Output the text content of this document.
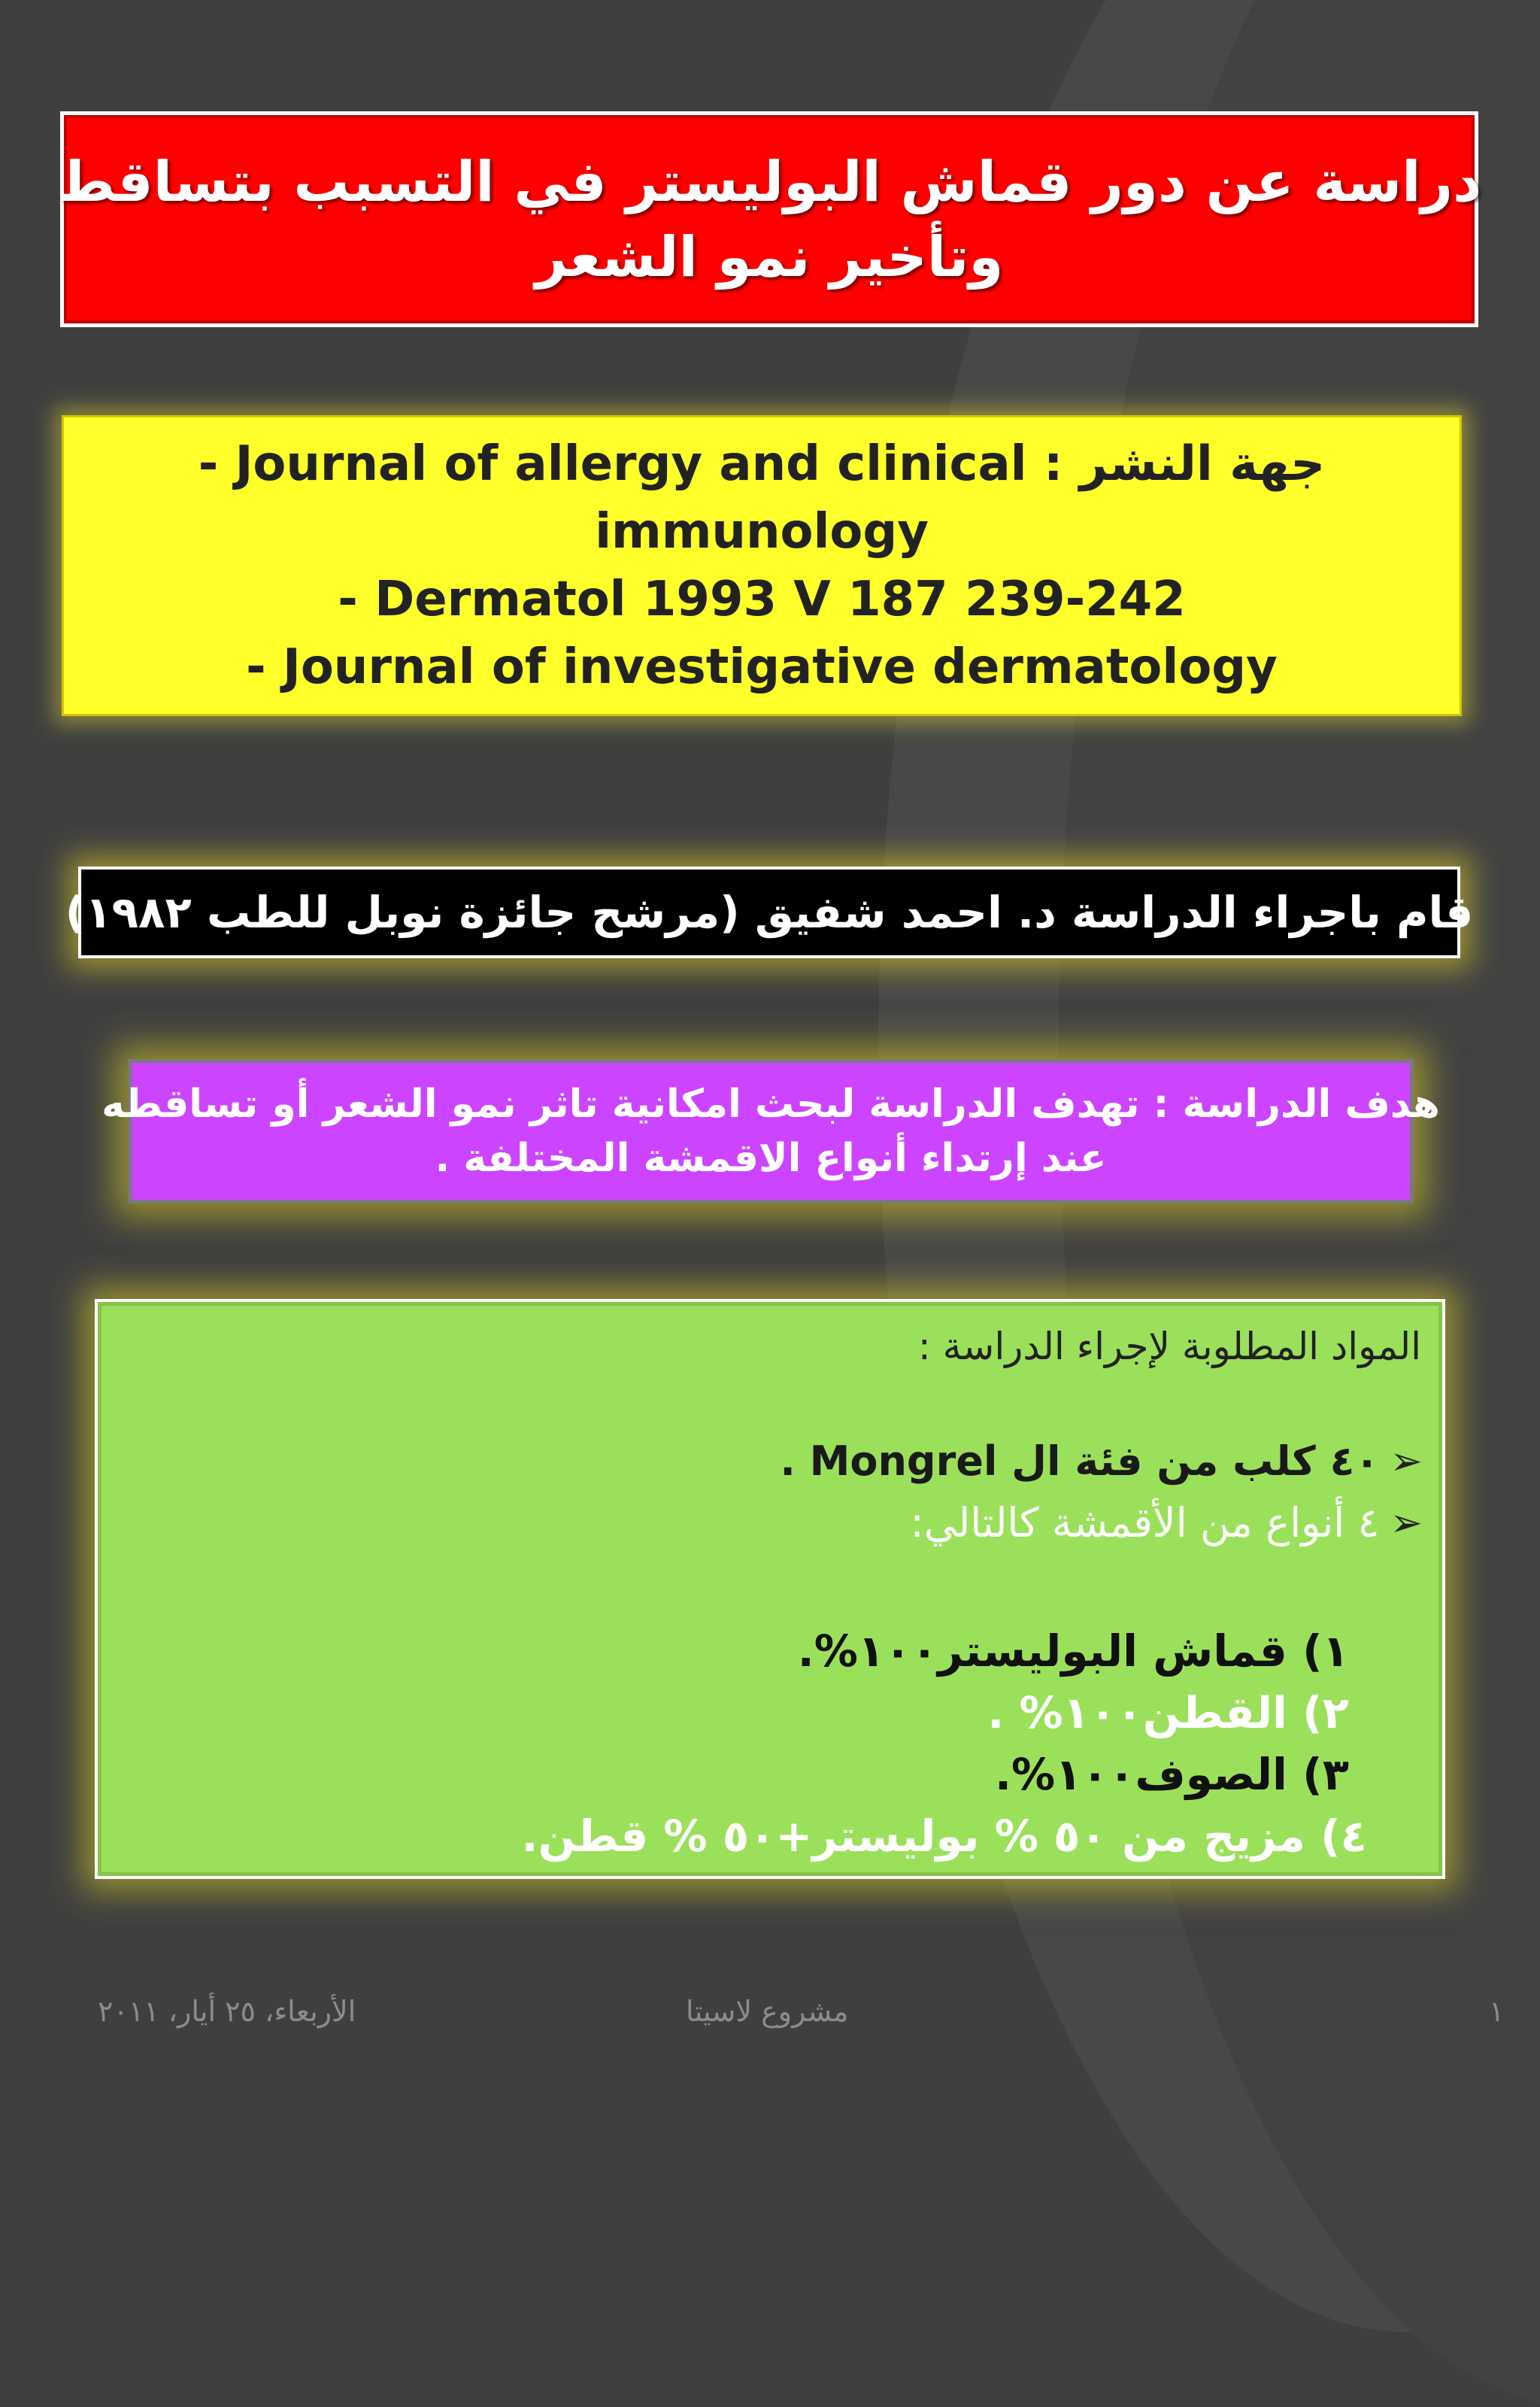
دراسة عن دور قماش البوليستر في التسبب بتساقط
وتأخير نمو الشعر
- Journal of allergy and clinical : جهة النشر
immunology
- Dermatol 1993 V 187 239-242
- Journal of investigative dermatology
قام باجراء الدراسة د. احمد شفيق (مرشح جائزة نوبل للطب ١٩٨٢)
هدف الدراسة : تهدف الدراسة لبحث امكانية تاثر نمو الشعر أو تساقطه
عند إرتداء أنواع الاقمشة المختلفة .
المواد المطلوبة لإجراء الدراسة :
➢
٤٠ كلب من فئة ال Mongrel .
➢
٤ أنواع من الأقمشة كالتالي:
١) قماش البوليستر١٠٠%.
٢) القطن١٠٠% .
٣) الصوف١٠٠%.
٤) مزيج من ٥٠ % بوليستر+٥٠ % قطن.
الأربعاء، ٢٥ أيار، ٢٠١١	مشروع لاسيتا	١
